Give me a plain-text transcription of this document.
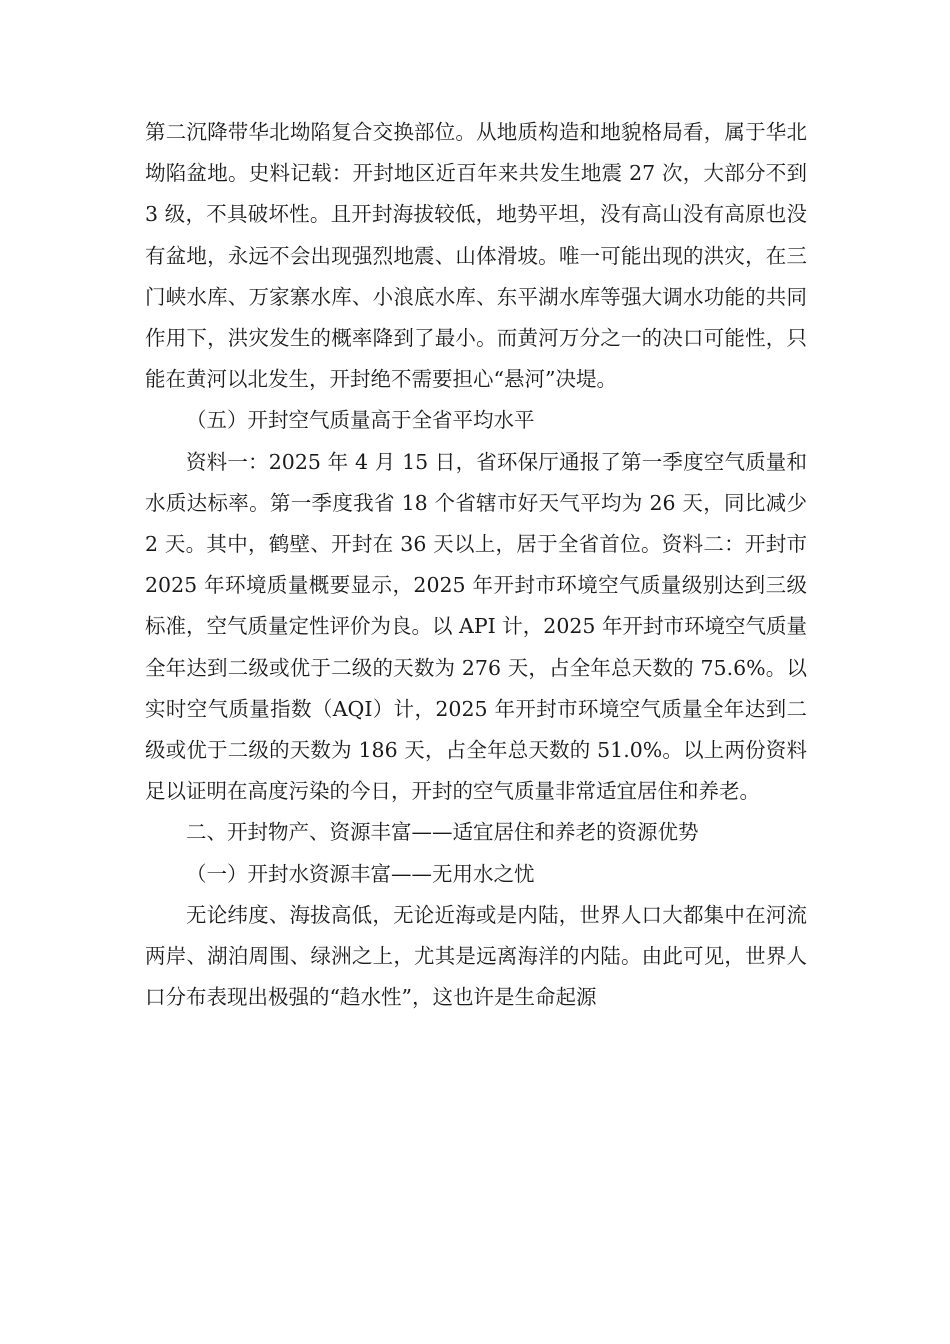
第二沉降带华北坳陷复合交换部位。从地质构造和地貌格局看，属于华北坳陷盆地。史料记载：开封地区近百年来共发生地震 27 次，大部分不到 3 级，不具破坏性。且开封海拔较低，地势平坦，没有高山没有高原也没有盆地，永远不会出现强烈地震、山体滑坡。唯一可能出现的洪灾，在三门峡水库、万家寨水库、小浪底水库、东平湖水库等强大调水功能的共同作用下，洪灾发生的概率降到了最小。而黄河万分之一的决口可能性，只能在黄河以北发生，开封绝不需要担心“悬河”决堤。

（五）开封空气质量高于全省平均水平

资料一：2025 年 4 月 15 日，省环保厅通报了第一季度空气质量和水质达标率。第一季度我省 18 个省辖市好天气平均为 26 天，同比减少 2 天。其中，鹤壁、开封在 36 天以上，居于全省首位。资料二：开封市 2025 年环境质量概要显示，2025 年开封市环境空气质量级别达到三级标准，空气质量定性评价为良。以 API 计，2025 年开封市环境空气质量全年达到二级或优于二级的天数为 276 天，占全年总天数的 75.6%。以实时空气质量指数（AQI）计，2025 年开封市环境空气质量全年达到二级或优于二级的天数为 186 天，占全年总天数的 51.0%。以上两份资料足以证明在高度污染的今日，开封的空气质量非常适宜居住和养老。

二、开封物产、资源丰富——适宜居住和养老的资源优势

（一）开封水资源丰富——无用水之忧

无论纬度、海拔高低，无论近海或是内陆，世界人口大都集中在河流两岸、湖泊周围、绿洲之上，尤其是远离海洋的内陆。由此可见，世界人口分布表现出极强的“趋水性”，这也许是生命起源
